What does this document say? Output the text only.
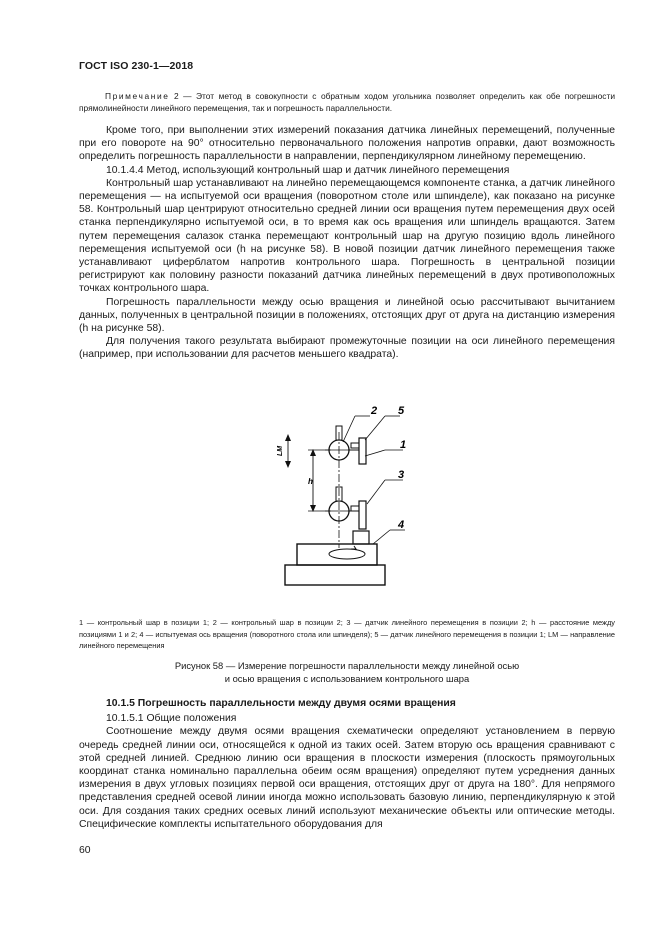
ГОСТ ISO 230-1—2018

Примечание 2 — Этот метод в совокупности с обратным ходом угольника позволяет определить как обе погрешности прямолинейности линейного перемещения, так и погрешность параллельности.

Кроме того, при выполнении этих измерений показания датчика линейных перемещений, полученные при его повороте на 90° относительно первоначального положения напротив оправки, дают возможность определить погрешность параллельности в направлении, перпендикулярном линейному перемещению.

10.1.4.4 Метод, использующий контрольный шар и датчик линейного перемещения

Контрольный шар устанавливают на линейно перемещающемся компоненте станка, а датчик линейного перемещения — на испытуемой оси вращения (поворотном столе или шпинделе), как показано на рисунке 58. Контрольный шар центрируют относительно средней линии оси вращения путем перемещения двух осей станка перпендикулярно испытуемой оси, в то время как ось вращения или шпиндель вращаются. Затем путем перемещения салазок станка перемещают контрольный шар на другую позицию вдоль линейного перемещения испытуемой оси (h на рисунке 58). В новой позиции датчик линейного перемещения также устанавливают циферблатом напротив контрольного шара. Погрешность в центральной позиции регистрируют как половину разности показаний датчика линейных перемещений в двух противоположных точках контрольного шара.

Погрешность параллельности между осью вращения и линейной осью рассчитывают вычитанием данных, полученных в центральной позиции в положениях, отстоящих друг от друга на дистанцию измерения (h на рисунке 58).

Для получения такого результата выбирают промежуточные позиции на оси линейного перемещения (например, при использовании для расчетов меньшего квадрата).

LM
h
2 5
1
3
4
1 — контрольный шар в позиции 1; 2 — контрольный шар в позиции 2; 3 — датчик линейного перемещения в позиции 2; h — расстояние между позициями 1 и 2; 4 — испытуемая ось вращения (поворотного стола или шпинделя); 5 — датчик линейного перемещения в позиции 1; LM — направление линейного перемещения
Рисунок 58 — Измерение погрешности параллельности между линейной осью
и осью вращения с использованием контрольного шара

10.1.5 Погрешность параллельности между двумя осями вращения

10.1.5.1 Общие положения

Соотношение между двумя осями вращения схематически определяют установлением в первую очередь средней линии оси, относящейся к одной из таких осей. Затем вторую ось вращения сравнивают с этой средней линией. Среднюю линию оси вращения в плоскости измерения (плоскость прямоугольных координат станка номинально параллельна обеим осям вращения) определяют путем усреднения данных измерения в двух угловых позициях первой оси вращения, отстоящих друг от друга на 180°. Для непрямого представления средней осевой линии иногда можно использовать базовую линию, перпендикулярную к этой оси. Для создания таких средних осевых линий используют механические объекты или оптические методы. Специфические комплекты испытательного оборудования для

60
